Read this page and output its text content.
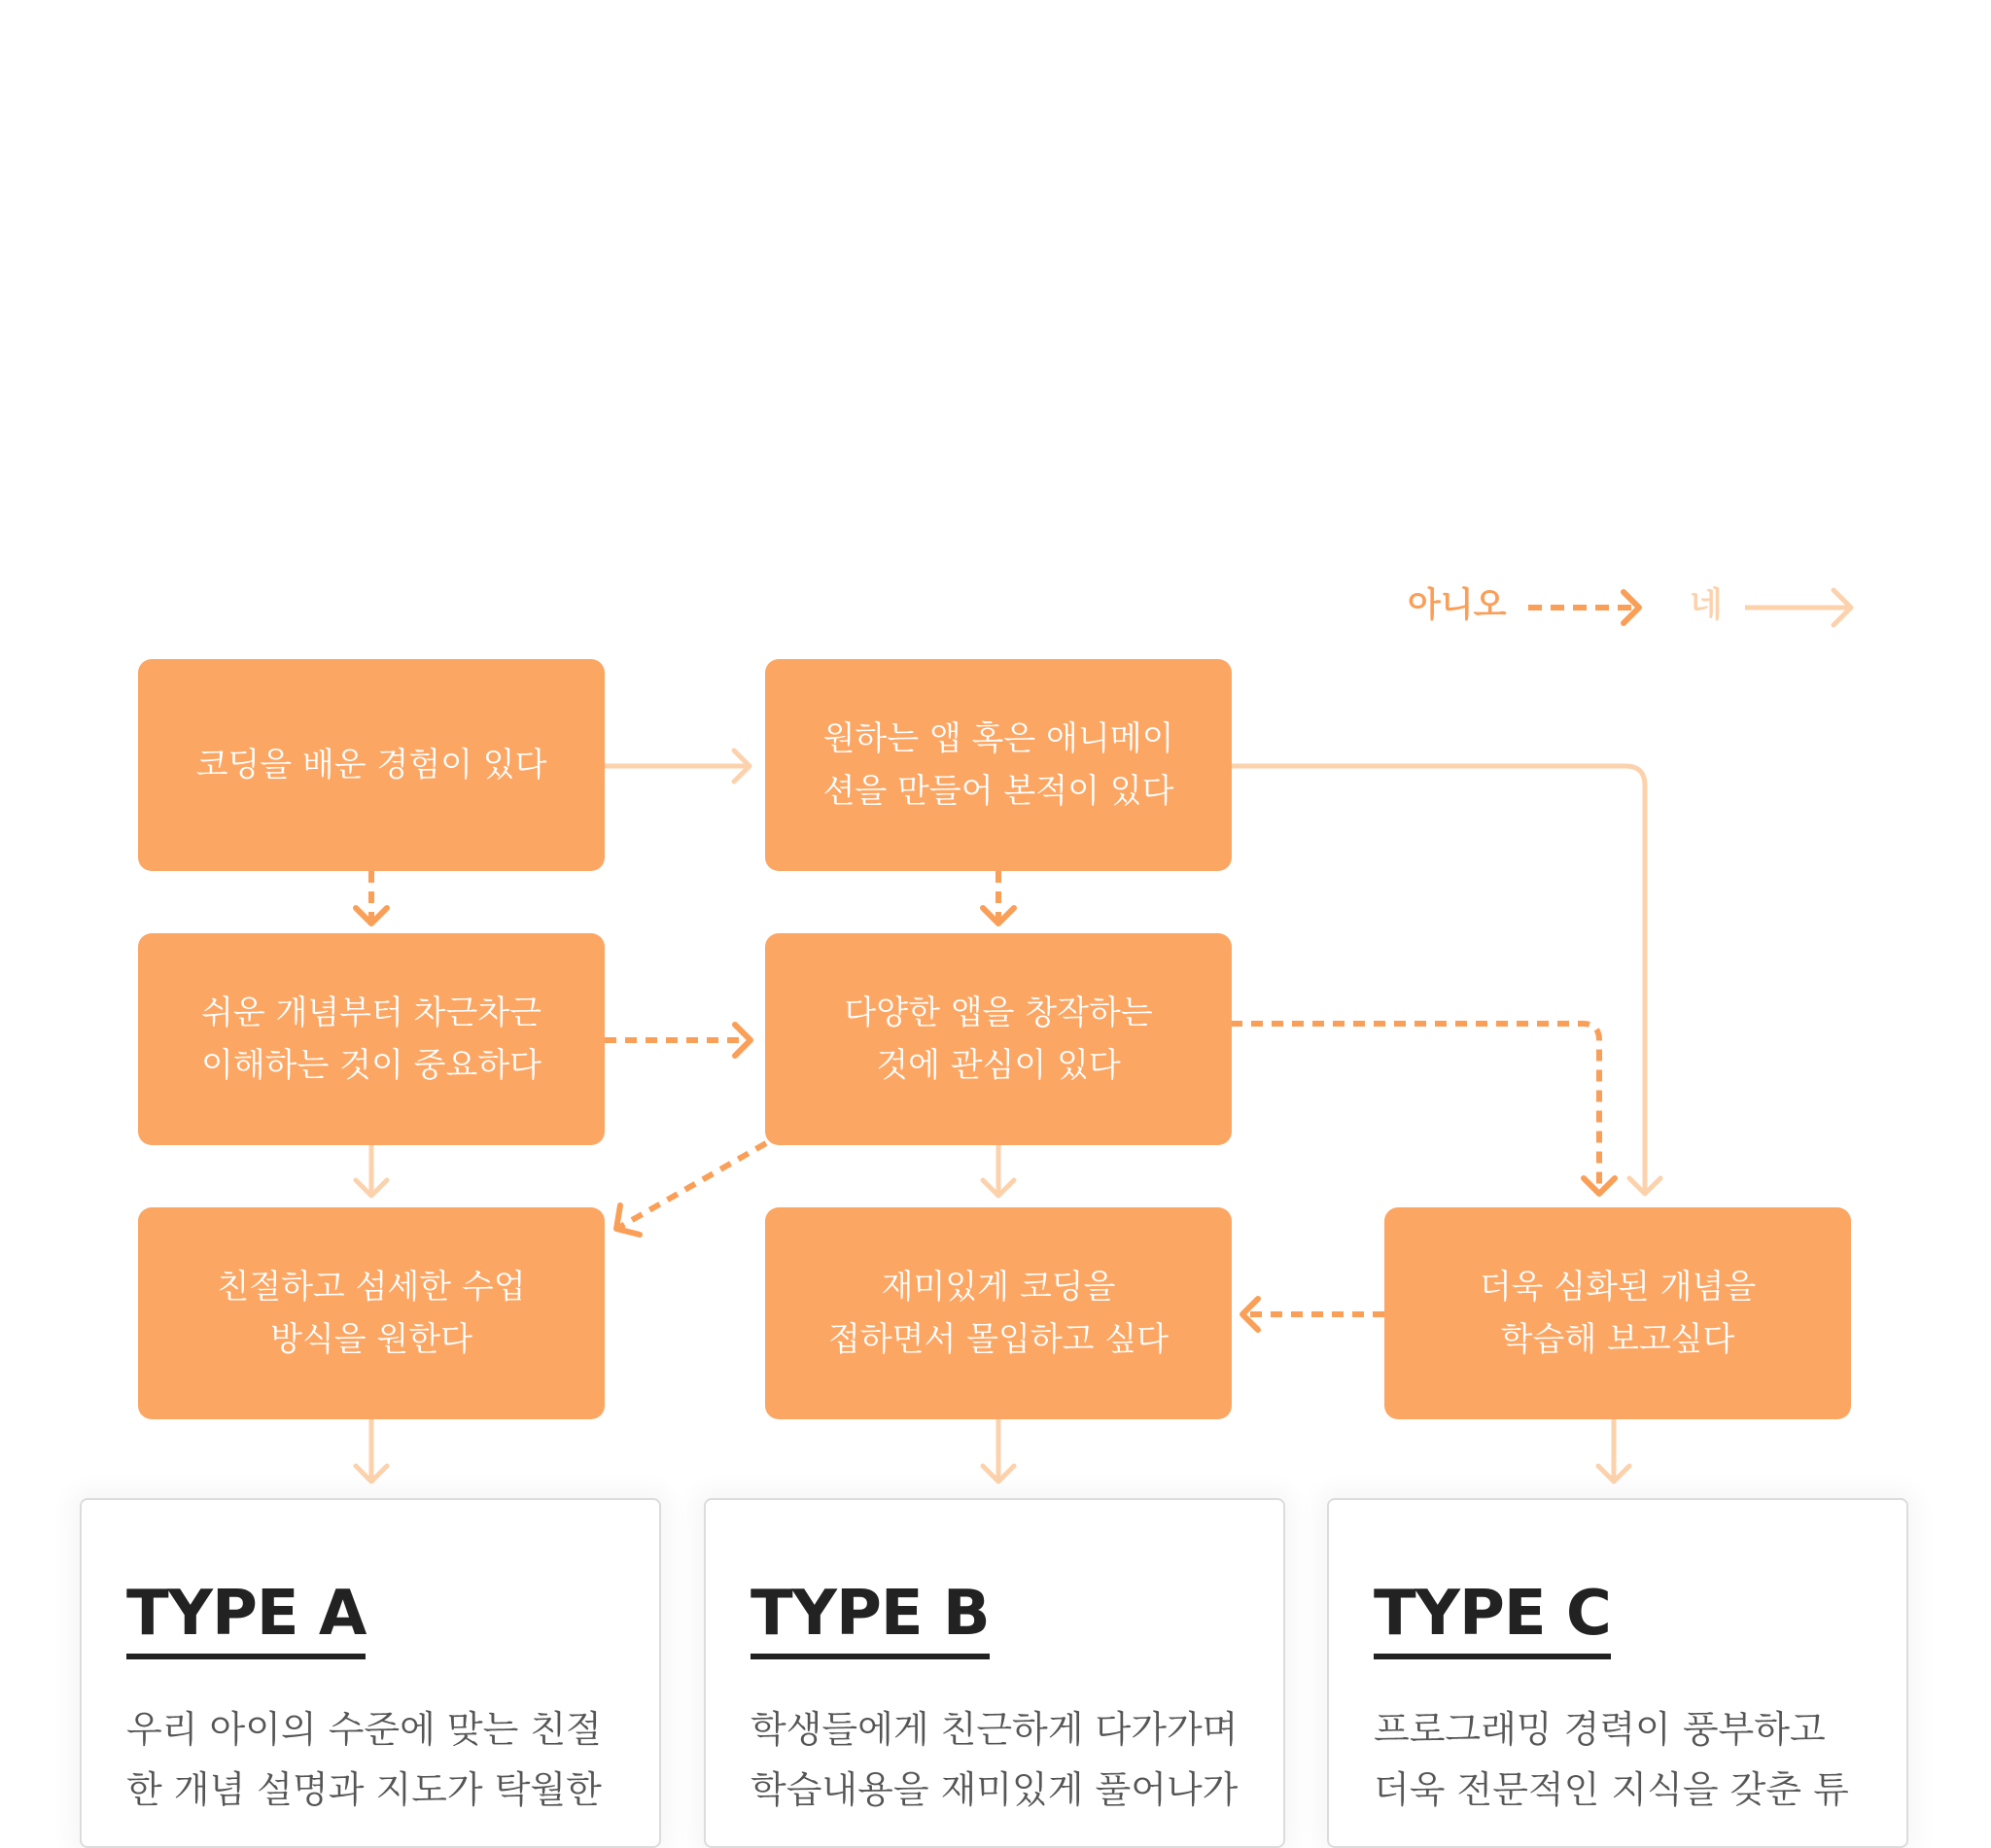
아니오	네
코딩을 배운 경험이 있다
원하는 앱 혹은 애니메이
션을 만들어 본적이 있다
쉬운 개념부터 차근차근
이해하는 것이 중요하다
다양한 앱을 창작하는
것에 관심이 있다
친절하고 섬세한 수업
방식을 원한다
재미있게 코딩을
접하면서 몰입하고 싶다
더욱 심화된 개념을
학습해 보고싶다
TYPE A
우리 아이의 수준에 맞는 친절
한 개념 설명과 지도가 탁월한
TYPE B
학생들에게 친근하게 다가가며
학습내용을 재미있게 풀어나가
TYPE C
프로그래밍 경력이 풍부하고
더욱 전문적인 지식을 갖춘 튜
